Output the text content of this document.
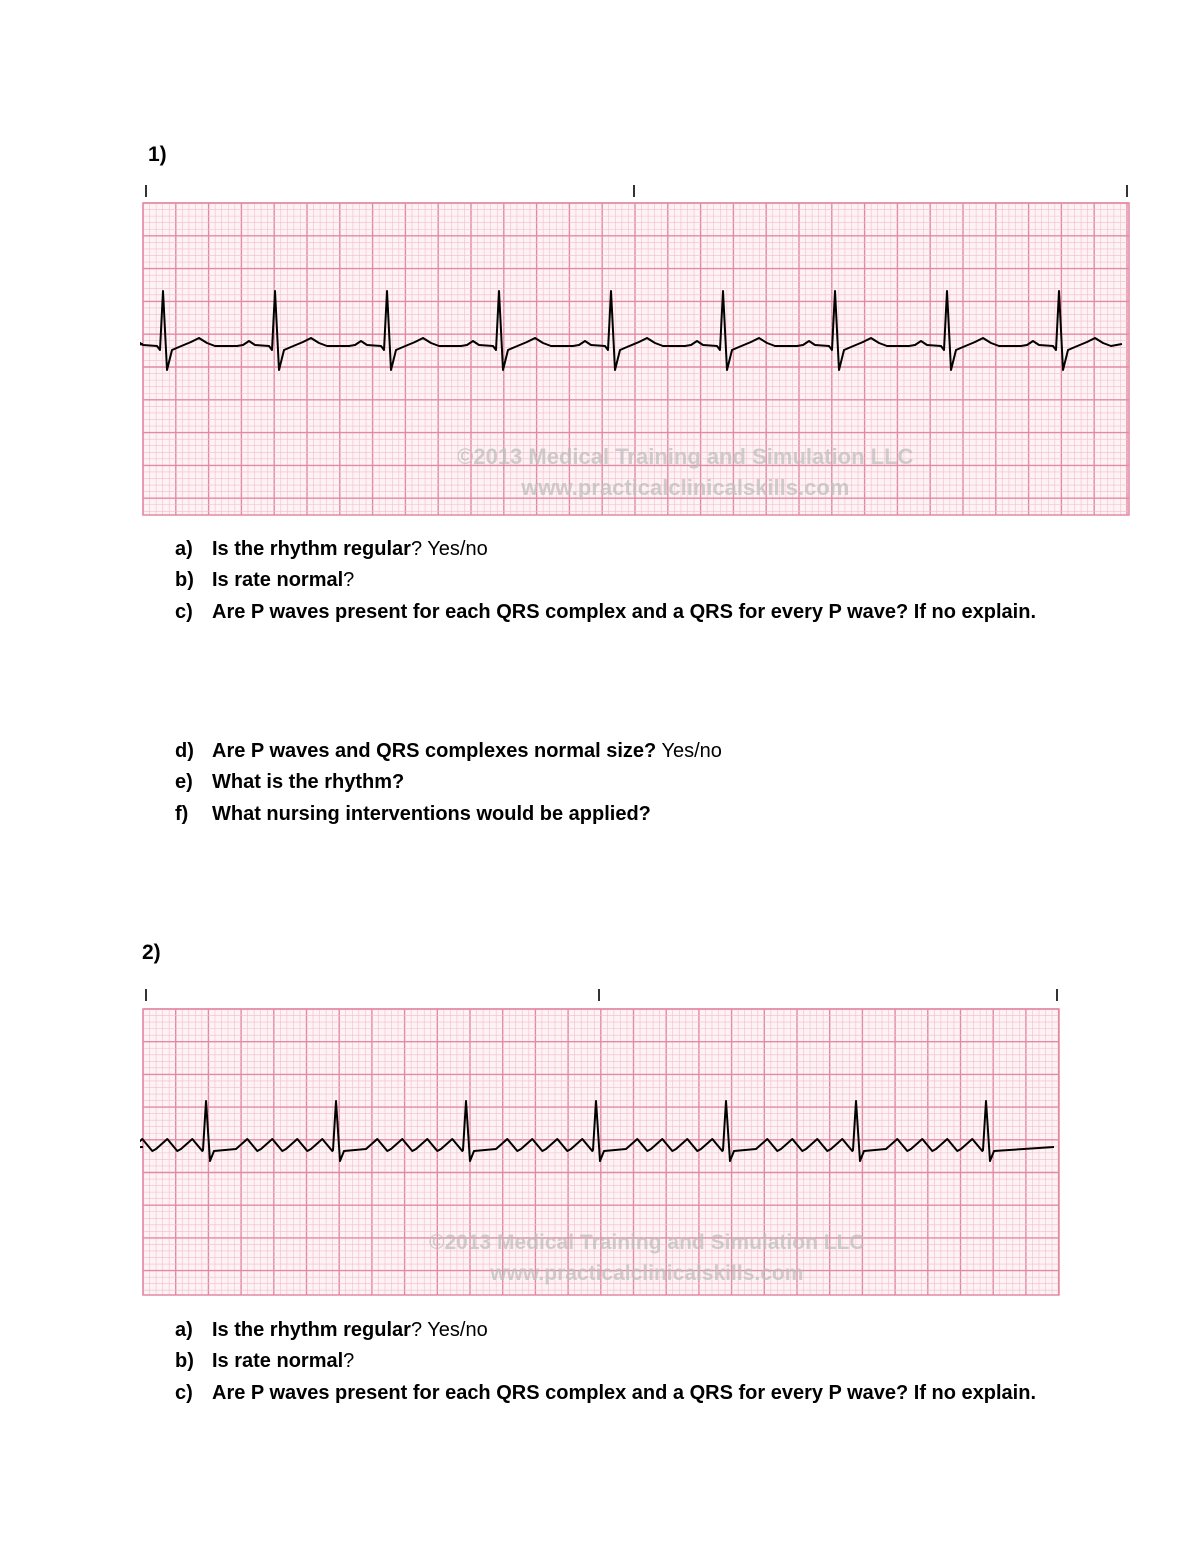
1)
©2013 Medical Training and Simulation LLC
www.practicalclinicalskills.com
a) Is the rhythm regular? Yes/no
b) Is rate normal?
c) Are P waves present for each QRS complex and a QRS for every P wave? If no explain.
d) Are P waves and QRS complexes normal size? Yes/no
e) What is the rhythm?
f) What nursing interventions would be applied?
2)
©2013 Medical Training and Simulation LLC
www.practicalclinicalskills.com
a) Is the rhythm regular? Yes/no
b) Is rate normal?
c) Are P waves present for each QRS complex and a QRS for every P wave? If no explain.
